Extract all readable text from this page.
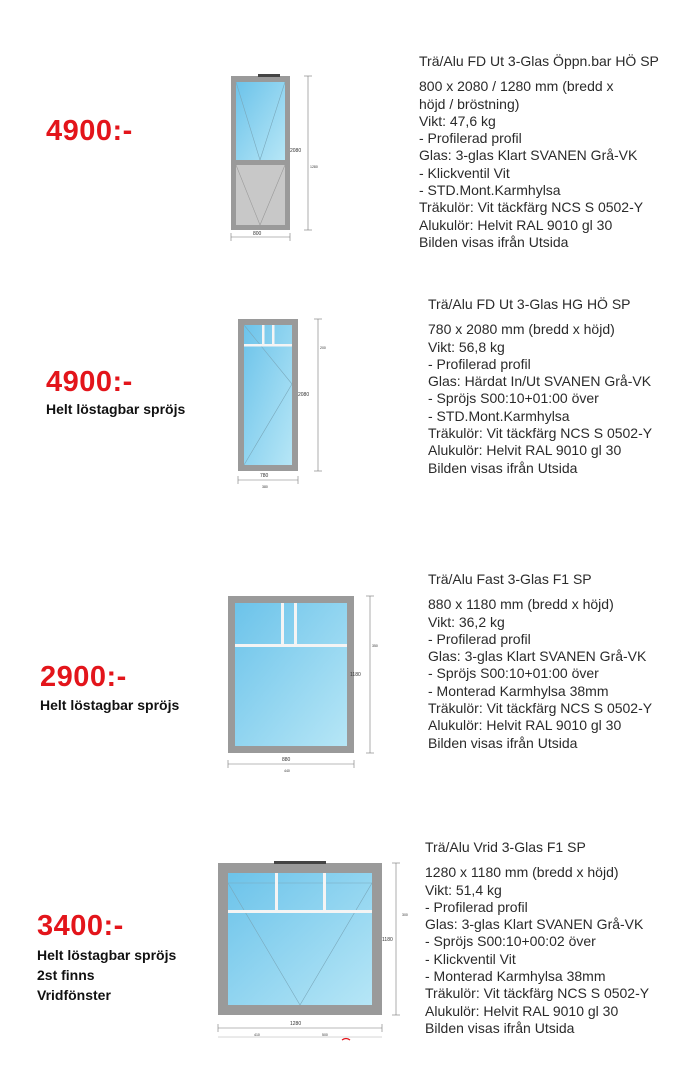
4900:-
2080
1280
800
Trä/Alu FD Ut 3-Glas Öppn.bar HÖ SP
800 x 2080 / 1280 mm (bredd x
höjd / bröstning)
Vikt: 47,6 kg
- Profilerad profil
Glas: 3-glas Klart SVANEN Grå-VK
- Klickventil Vit
- STD.Mont.Karmhylsa
Träkulör: Vit täckfärg NCS S 0502-Y
Alukulör: Helvit RAL 9010 gl 30
Bilden visas ifrån Utsida
4900:-
Helt löstagbar spröjs
2080
200
780
380
Trä/Alu FD Ut 3-Glas HG HÖ SP
780 x 2080 mm (bredd x höjd)
Vikt: 56,8 kg
- Profilerad profil
Glas: Härdat In/Ut SVANEN Grå-VK
- Spröjs S00:10+01:00 över
- STD.Mont.Karmhylsa
Träkulör: Vit täckfärg NCS S 0502-Y
Alukulör: Helvit RAL 9010 gl 30
Bilden visas ifrån Utsida
2900:-
Helt löstagbar spröjs
1180
350
880
440
Trä/Alu Fast 3-Glas F1 SP
880 x 1180 mm (bredd x höjd)
Vikt: 36,2 kg
- Profilerad profil
Glas: 3-glas Klart SVANEN Grå-VK
- Spröjs S00:10+01:00 över
- Monterad Karmhylsa 38mm
Träkulör: Vit täckfärg NCS S 0502-Y
Alukulör: Helvit RAL 9010 gl 30
Bilden visas ifrån Utsida
3400:-
Helt löstagbar spröjs
2st finns
Vridfönster
1180
300
1280
410	500
Trä/Alu Vrid 3-Glas F1 SP
1280 x 1180 mm (bredd x höjd)
Vikt: 51,4 kg
- Profilerad profil
Glas: 3-glas Klart SVANEN Grå-VK
- Spröjs S00:10+00:02 över
- Klickventil Vit
- Monterad Karmhylsa 38mm
Träkulör: Vit täckfärg NCS S 0502-Y
Alukulör: Helvit RAL 9010 gl 30
Bilden visas ifrån Utsida
